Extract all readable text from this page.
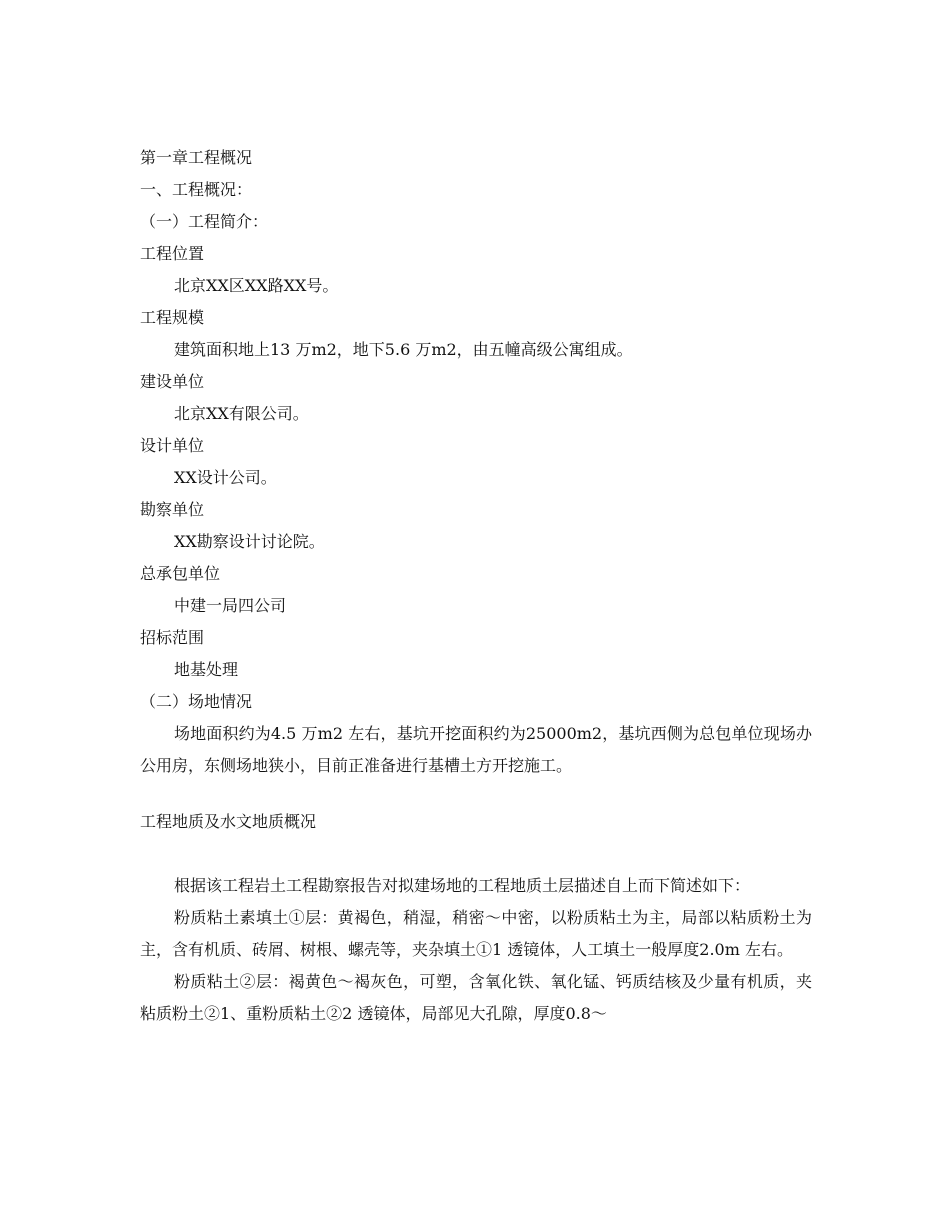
第一章工程概况

一、工程概况：

（一）工程简介：

工程位置

北京XX区XX路XX号。

工程规模

建筑面积地上13 万m2，地下5.6 万m2，由五幢高级公寓组成。

建设单位

北京XX有限公司。

设计单位

XX设计公司。

勘察单位

XX勘察设计讨论院。

总承包单位

中建一局四公司

招标范围

地基处理

（二）场地情况

场地面积约为4.5 万m2 左右，基坑开挖面积约为25000m2，基坑西侧为总包单位现场办公用房，东侧场地狭小，目前正准备进行基槽土方开挖施工。

工程地质及水文地质概况

根据该工程岩土工程勘察报告对拟建场地的工程地质土层描述自上而下简述如下：

粉质粘土素填土①层：黄褐色，稍湿，稍密～中密，以粉质粘土为主，局部以粘质粉土为主，含有机质、砖屑、树根、螺壳等，夹杂填土①1 透镜体，人工填土一般厚度2.0m 左右。

粉质粘土②层：褐黄色～褐灰色，可塑，含氧化铁、氧化锰、钙质结核及少量有机质，夹粘质粉土②1、重粉质粘土②2 透镜体，局部见大孔隙，厚度0.8～
